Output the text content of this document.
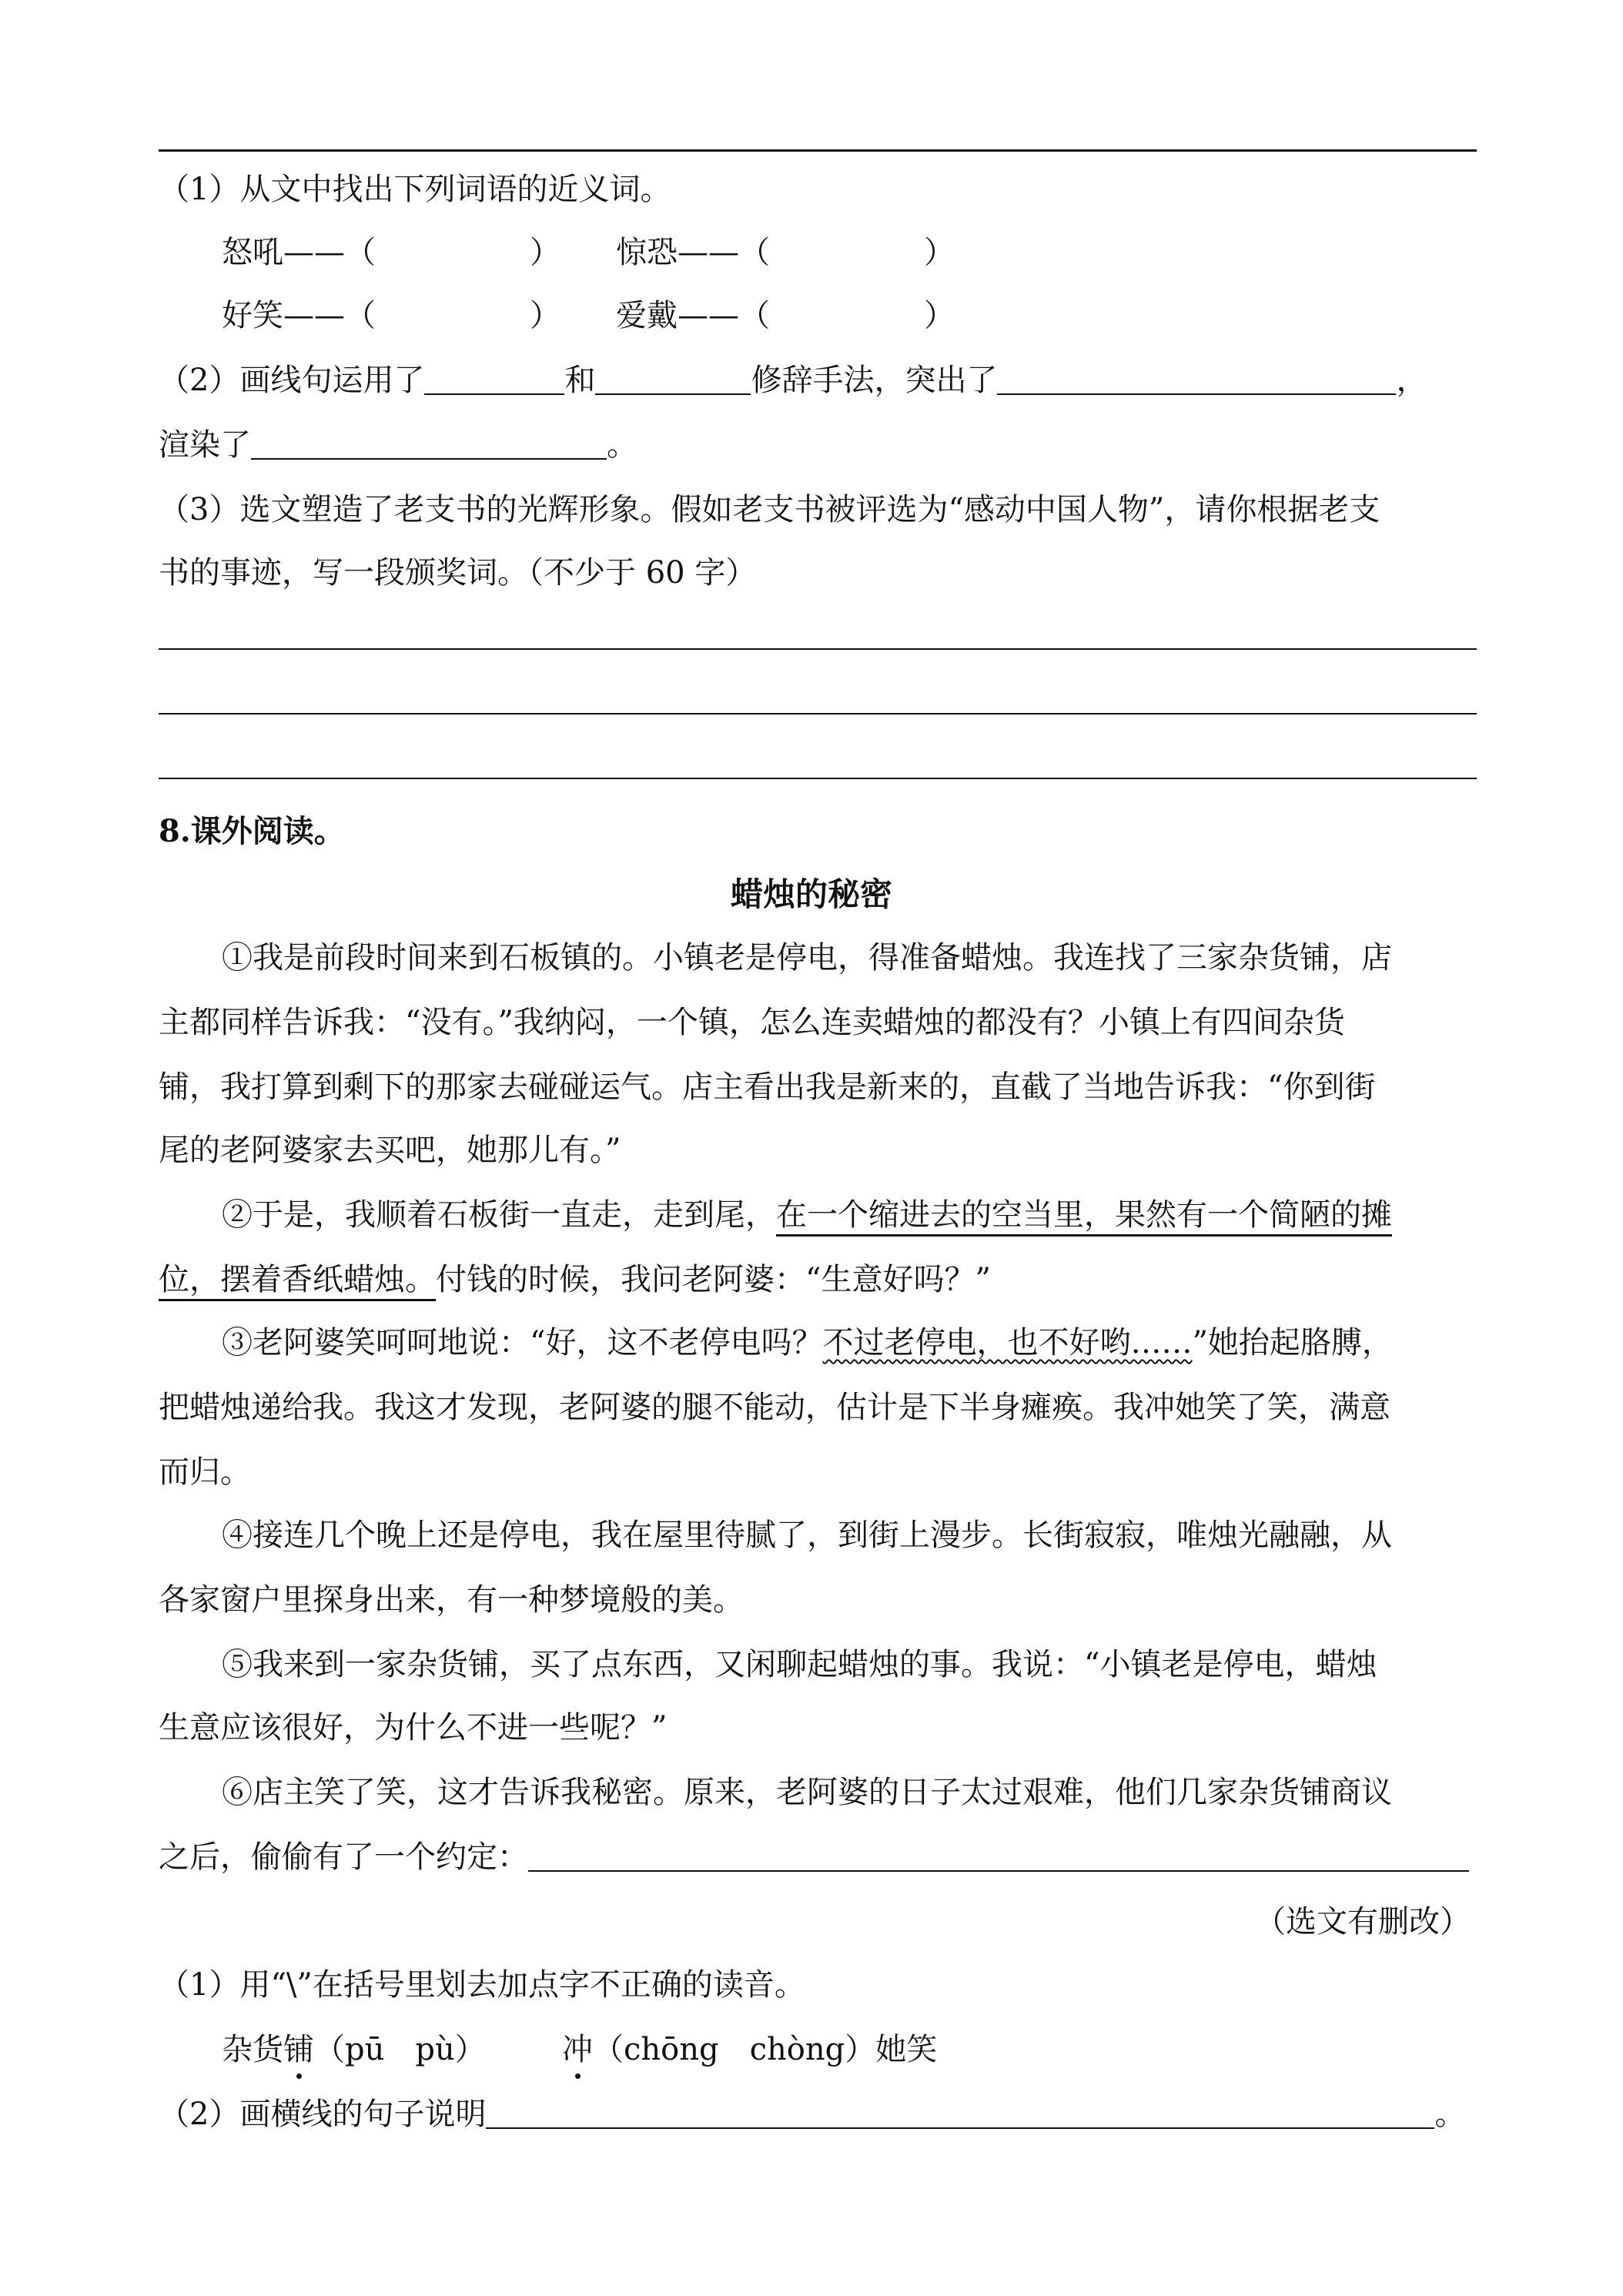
（1）从文中找出下列词语的近义词。
怒吼——（	） 惊恐——（	）
好笑——（	） 爱戴——（	）
（2）画线句运用了	和	修辞手法，突出了	，
渲染了	。
（3）选文塑造了老支书的光辉形象。假如老支书被评选为“感动中国人物”，请你根据老支
书的事迹，写一段颁奖词。（不少于 60 字）
8.课外阅读。
蜡烛的秘密
①我是前段时间来到石板镇的。小镇老是停电，得准备蜡烛。我连找了三家杂货铺，店
主都同样告诉我：“没有。”我纳闷，一个镇，怎么连卖蜡烛的都没有？小镇上有四间杂货
铺，我打算到剩下的那家去碰碰运气。店主看出我是新来的，直截了当地告诉我：“你到街
尾的老阿婆家去买吧，她那儿有。”
②于是，我顺着石板街一直走，走到尾，在一个缩进去的空当里，果然有一个简陋的摊
位，摆着香纸蜡烛。付钱的时候，我问老阿婆：“生意好吗？”
③老阿婆笑呵呵地说：“好，这不老停电吗？不过老停电，也不好哟……”她抬起胳膊，
把蜡烛递给我。我这才发现，老阿婆的腿不能动，估计是下半身瘫痪。我冲她笑了笑，满意
而归。
④接连几个晚上还是停电，我在屋里待腻了，到街上漫步。长街寂寂，唯烛光融融，从
各家窗户里探身出来，有一种梦境般的美。
⑤我来到一家杂货铺，买了点东西，又闲聊起蜡烛的事。我说：“小镇老是停电，蜡烛
生意应该很好，为什么不进一些呢？”
⑥店主笑了笑，这才告诉我秘密。原来，老阿婆的日子太过艰难，他们几家杂货铺商议
之后，偷偷有了一个约定：
（选文有删改）
（1）用“\”在括号里划去加点字不正确的读音。
杂货铺（pū　pù） 冲（chōng　chòng）她笑
（2）画横线的句子说明	。
